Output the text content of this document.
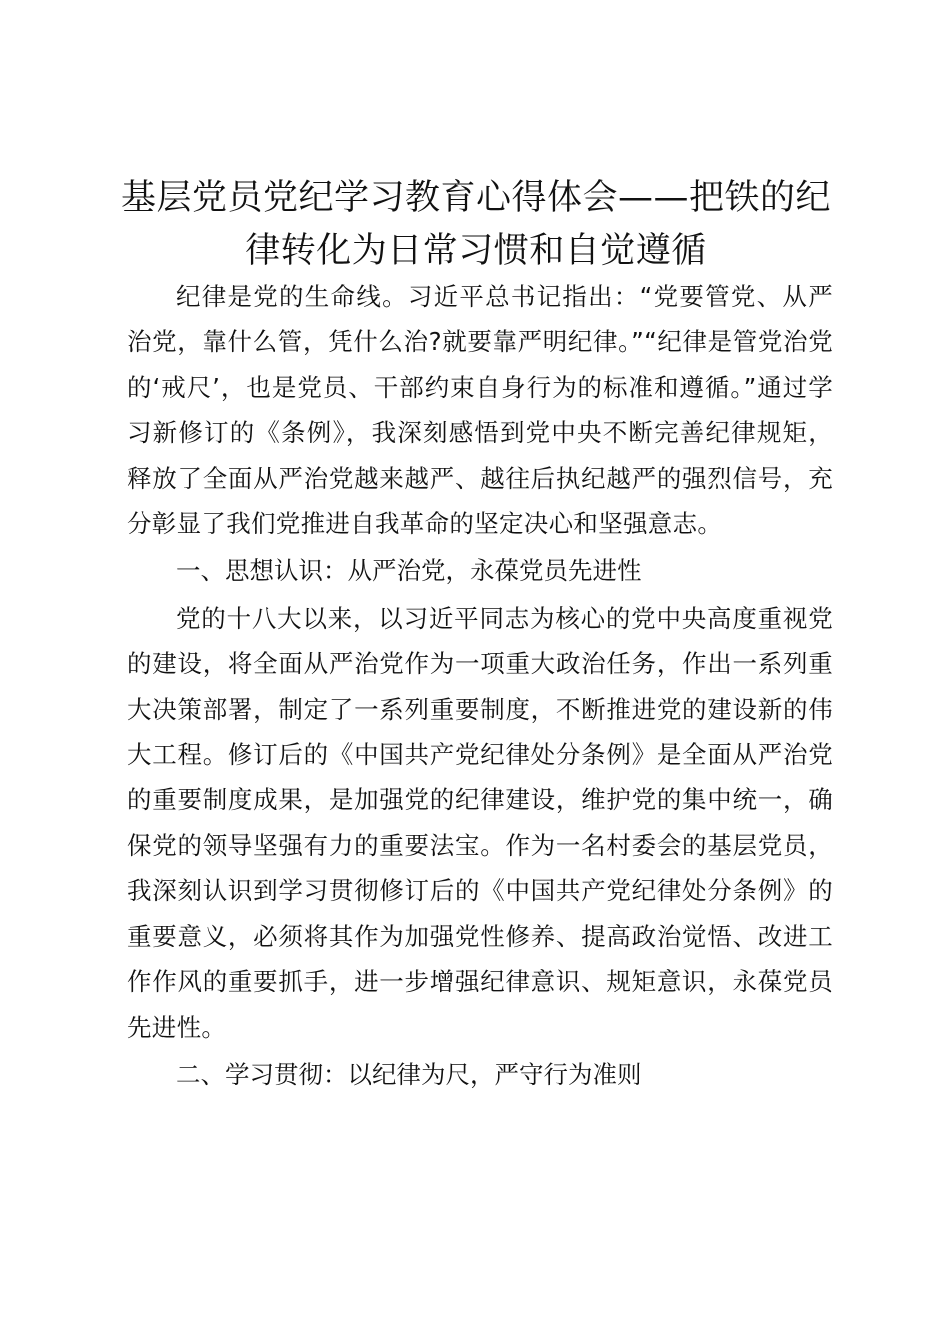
基层党员党纪学习教育心得体会——把铁的纪律转化为日常习惯和自觉遵循

纪律是党的生命线。习近平总书记指出：“党要管党、从严治党，靠什么管，凭什么治?就要靠严明纪律。”“纪律是管党治党的‘戒尺’，也是党员、干部约束自身行为的标准和遵循。”通过学习新修订的《条例》，我深刻感悟到党中央不断完善纪律规矩，释放了全面从严治党越来越严、越往后执纪越严的强烈信号，充分彰显了我们党推进自我革命的坚定决心和坚强意志。

一、思想认识：从严治党，永葆党员先进性

党的十八大以来，以习近平同志为核心的党中央高度重视党的建设，将全面从严治党作为一项重大政治任务，作出一系列重大决策部署，制定了一系列重要制度，不断推进党的建设新的伟大工程。修订后的《中国共产党纪律处分条例》是全面从严治党的重要制度成果，是加强党的纪律建设，维护党的集中统一，确保党的领导坚强有力的重要法宝。作为一名村委会的基层党员，我深刻认识到学习贯彻修订后的《中国共产党纪律处分条例》的重要意义，必须将其作为加强党性修养、提高政治觉悟、改进工作作风的重要抓手，进一步增强纪律意识、规矩意识，永葆党员先进性。

二、学习贯彻：以纪律为尺，严守行为准则
